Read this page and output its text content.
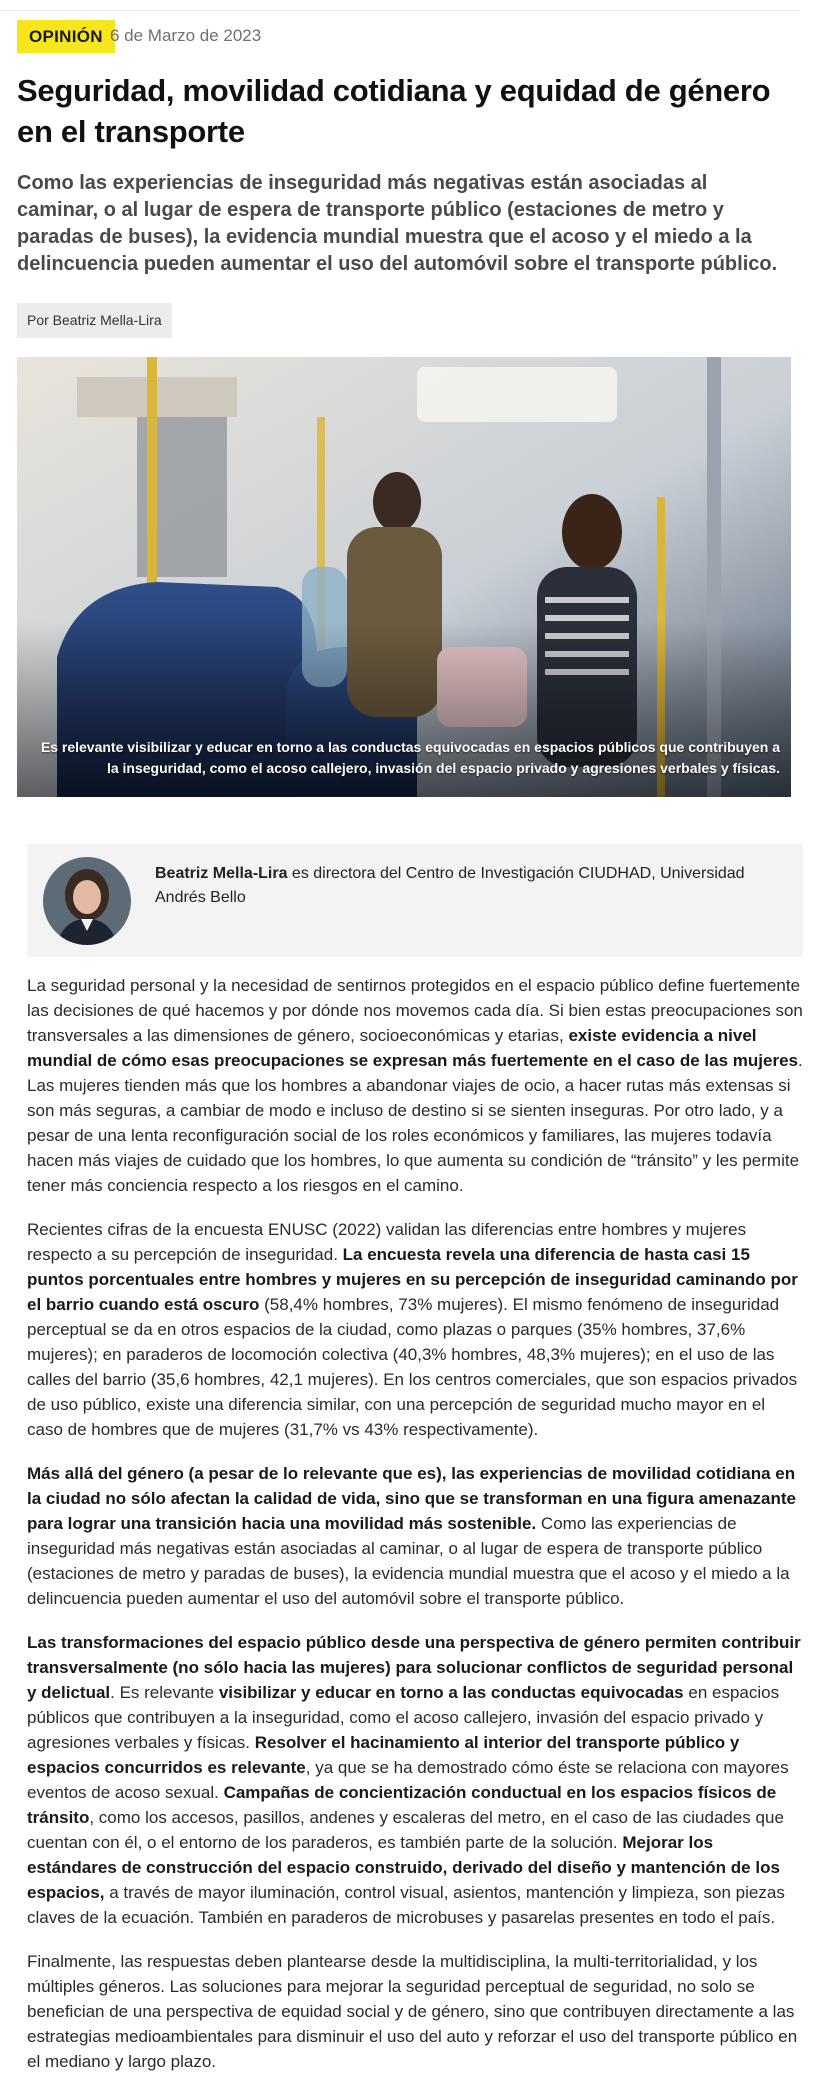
OPINIÓN 6 de Marzo de 2023
Seguridad, movilidad cotidiana y equidad de género en el transporte

Como las experiencias de inseguridad más negativas están asociadas al caminar, o al lugar de espera de transporte público (estaciones de metro y paradas de buses), la evidencia mundial muestra que el acoso y el miedo a la delincuencia pueden aumentar el uso del automóvil sobre el transporte público.

Por Beatriz Mella-Lira
Es relevante visibilizar y educar en torno a las conductas equivocadas en espacios públicos que contribuyen a la inseguridad, como el acoso callejero, invasión del espacio privado y agresiones verbales y físicas.
Beatriz Mella-Lira es directora del Centro de Investigación CIUDHAD, Universidad Andrés Bello

La seguridad personal y la necesidad de sentirnos protegidos en el espacio público define fuertemente las decisiones de qué hacemos y por dónde nos movemos cada día. Si bien estas preocupaciones son transversales a las dimensiones de género, socioeconómicas y etarias, existe evidencia a nivel mundial de cómo esas preocupaciones se expresan más fuertemente en el caso de las mujeres. Las mujeres tienden más que los hombres a abandonar viajes de ocio, a hacer rutas más extensas si son más seguras, a cambiar de modo e incluso de destino si se sienten inseguras. Por otro lado, y a pesar de una lenta reconfiguración social de los roles económicos y familiares, las mujeres todavía hacen más viajes de cuidado que los hombres, lo que aumenta su condición de “tránsito” y les permite tener más conciencia respecto a los riesgos en el camino.

Recientes cifras de la encuesta ENUSC (2022) validan las diferencias entre hombres y mujeres respecto a su percepción de inseguridad. La encuesta revela una diferencia de hasta casi 15 puntos porcentuales entre hombres y mujeres en su percepción de inseguridad caminando por el barrio cuando está oscuro (58,4% hombres, 73% mujeres). El mismo fenómeno de inseguridad perceptual se da en otros espacios de la ciudad, como plazas o parques (35% hombres, 37,6% mujeres); en paraderos de locomoción colectiva (40,3% hombres, 48,3% mujeres); en el uso de las calles del barrio (35,6 hombres, 42,1 mujeres). En los centros comerciales, que son espacios privados de uso público, existe una diferencia similar, con una percepción de seguridad mucho mayor en el caso de hombres que de mujeres (31,7% vs 43% respectivamente).

Más allá del género (a pesar de lo relevante que es), las experiencias de movilidad cotidiana en la ciudad no sólo afectan la calidad de vida, sino que se transforman en una figura amenazante para lograr una transición hacia una movilidad más sostenible. Como las experiencias de inseguridad más negativas están asociadas al caminar, o al lugar de espera de transporte público (estaciones de metro y paradas de buses), la evidencia mundial muestra que el acoso y el miedo a la delincuencia pueden aumentar el uso del automóvil sobre el transporte público.

Las transformaciones del espacio público desde una perspectiva de género permiten contribuir transversalmente (no sólo hacia las mujeres) para solucionar conflictos de seguridad personal y delictual. Es relevante visibilizar y educar en torno a las conductas equivocadas en espacios públicos que contribuyen a la inseguridad, como el acoso callejero, invasión del espacio privado y agresiones verbales y físicas. Resolver el hacinamiento al interior del transporte público y espacios concurridos es relevante, ya que se ha demostrado cómo éste se relaciona con mayores eventos de acoso sexual. Campañas de concientización conductual en los espacios físicos de tránsito, como los accesos, pasillos, andenes y escaleras del metro, en el caso de las ciudades que cuentan con él, o el entorno de los paraderos, es también parte de la solución. Mejorar los estándares de construcción del espacio construido, derivado del diseño y mantención de los espacios, a través de mayor iluminación, control visual, asientos, mantención y limpieza, son piezas claves de la ecuación. También en paraderos de microbuses y pasarelas presentes en todo el país.

Finalmente, las respuestas deben plantearse desde la multidisciplina, la multi-territorialidad, y los múltiples géneros. Las soluciones para mejorar la seguridad perceptual de seguridad, no solo se benefician de una perspectiva de equidad social y de género, sino que contribuyen directamente a las estrategias medioambientales para disminuir el uso del auto y reforzar el uso del transporte público en el mediano y largo plazo.
